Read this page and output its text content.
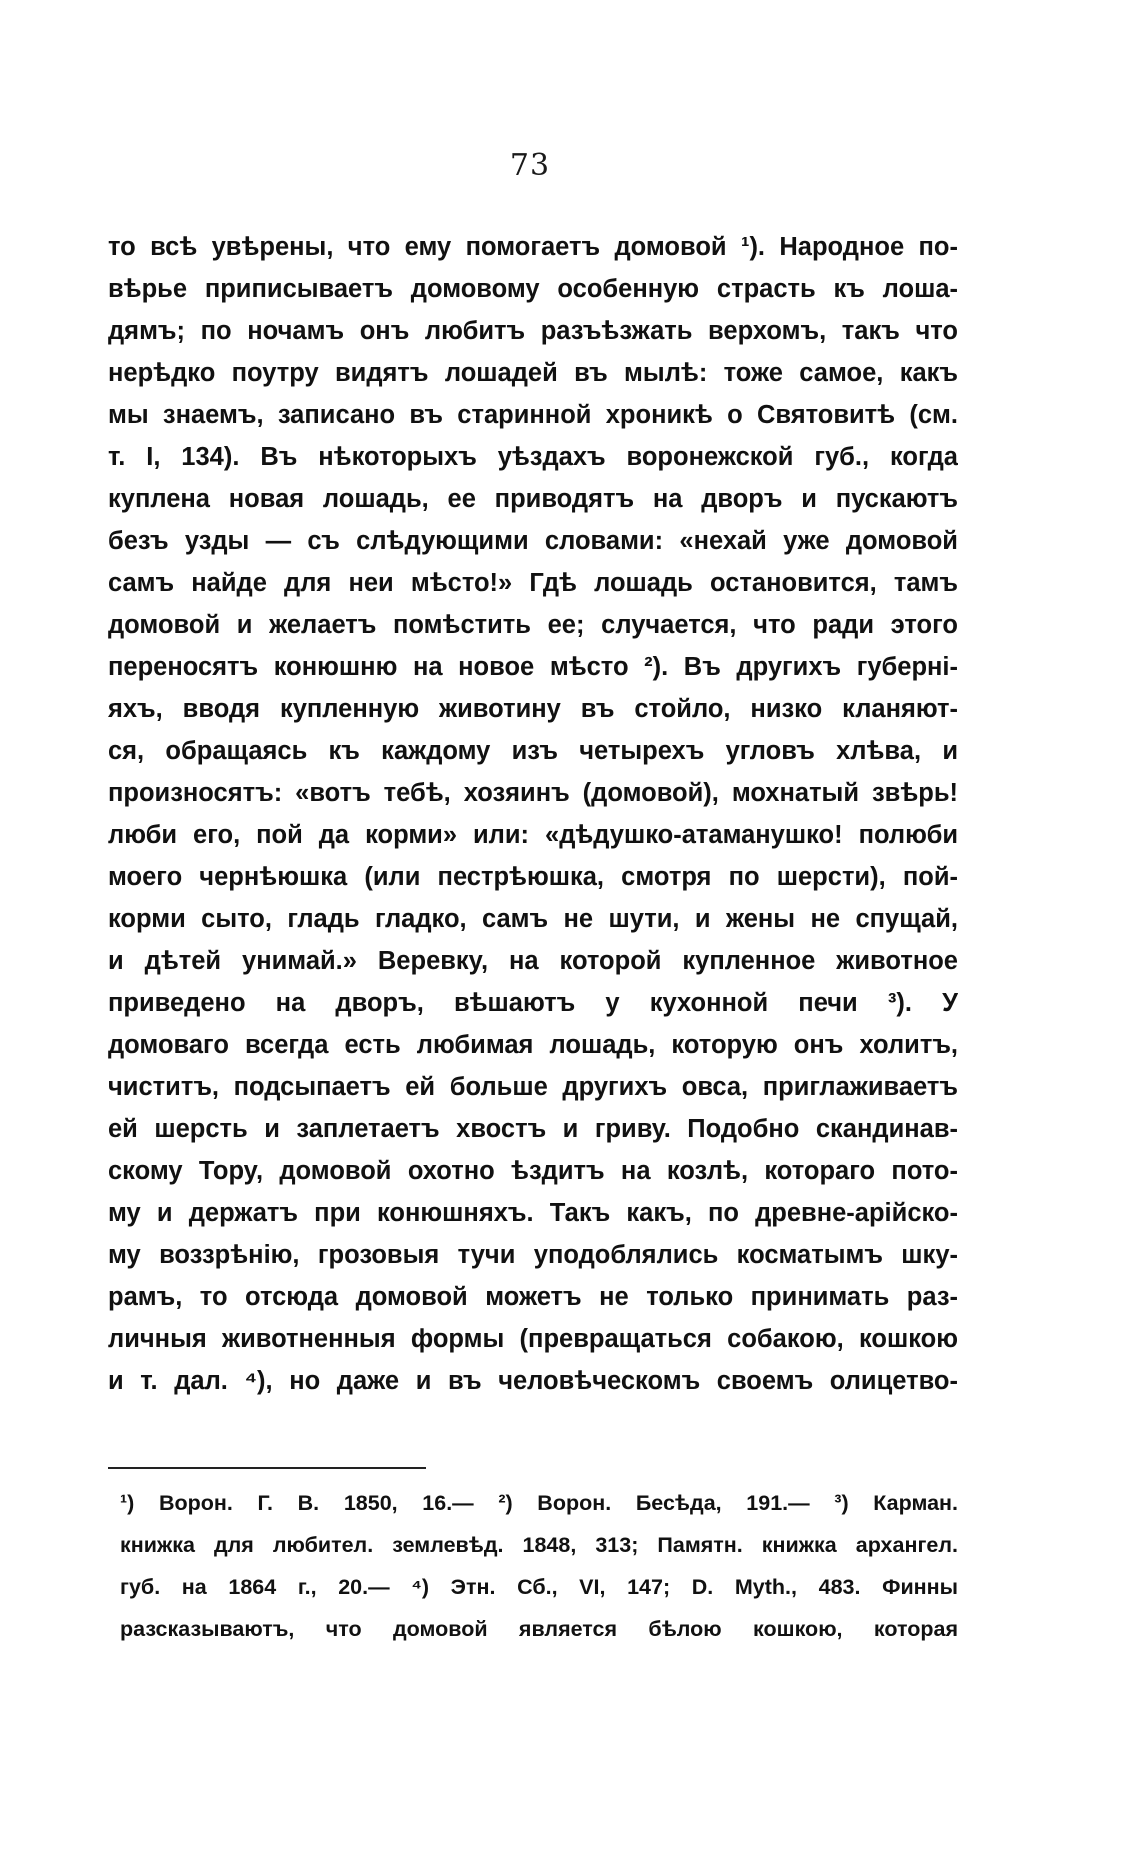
73
то всѣ увѣрены, что ему помогаетъ домовой ¹). Народное по-
вѣрье приписываетъ домовому особенную страсть къ лоша-
дямъ; по ночамъ онъ любитъ разъѣзжать верхомъ, такъ что
нерѣдко поутру видятъ лошадей въ мылѣ: тоже самое, какъ
мы знаемъ, записано въ старинной хроникѣ о Святовитѣ (см.
т. I, 134). Въ нѣкоторыхъ уѣздахъ воронежской губ., когда
куплена новая лошадь, ее приводятъ на дворъ и пускаютъ
безъ узды — съ слѣдующими словами: «нехай уже домовой
самъ найде для неи мѣсто!» Гдѣ лошадь остановится, тамъ
домовой и желаетъ помѣстить ее; случается, что ради этого
переносятъ конюшню на новое мѣсто ²). Въ другихъ губерні-
яхъ, вводя купленную животину въ стойло, низко кланяют-
ся, обращаясь къ каждому изъ четырехъ угловъ хлѣва, и
произносятъ: «вотъ тебѣ, хозяинъ (домовой), мохнатый звѣрь!
люби его, пой да корми» или: «дѣдушко-атаманушко! полюби
моего чернѣюшка (или пестрѣюшка, смотря по шерсти), пой-
корми сыто, гладь гладко, самъ не шути, и жены не спущай,
и дѣтей унимай.» Веревку, на которой купленное животное
приведено на дворъ, вѣшаютъ у кухонной печи ³). У
домоваго всегда есть любимая лошадь, которую онъ холитъ,
чиститъ, подсыпаетъ ей больше другихъ овса, приглаживаетъ
ей шерсть и заплетаетъ хвостъ и гриву. Подобно скандинав-
скому Тору, домовой охотно ѣздитъ на козлѣ, котораго пото-
му и держатъ при конюшняхъ. Такъ какъ, по древне-арійско-
му воззрѣнію, грозовыя тучи уподоблялись косматымъ шку-
рамъ, то отсюда домовой можетъ не только принимать раз-
личныя животненныя формы (превращаться собакою, кошкою
и т. дал. ⁴), но даже и въ человѣческомъ своемъ олицетво-
¹) Ворон. Г. В. 1850, 16.— ²) Ворон. Бесѣда, 191.— ³) Карман.
книжка для любител. землевѣд. 1848, 313; Памятн. книжка архангел.
губ. на 1864 г., 20.— ⁴) Этн. Сб., VI, 147; D. Myth., 483. Финны
разсказываютъ, что домовой является бѣлою кошкою, которая
